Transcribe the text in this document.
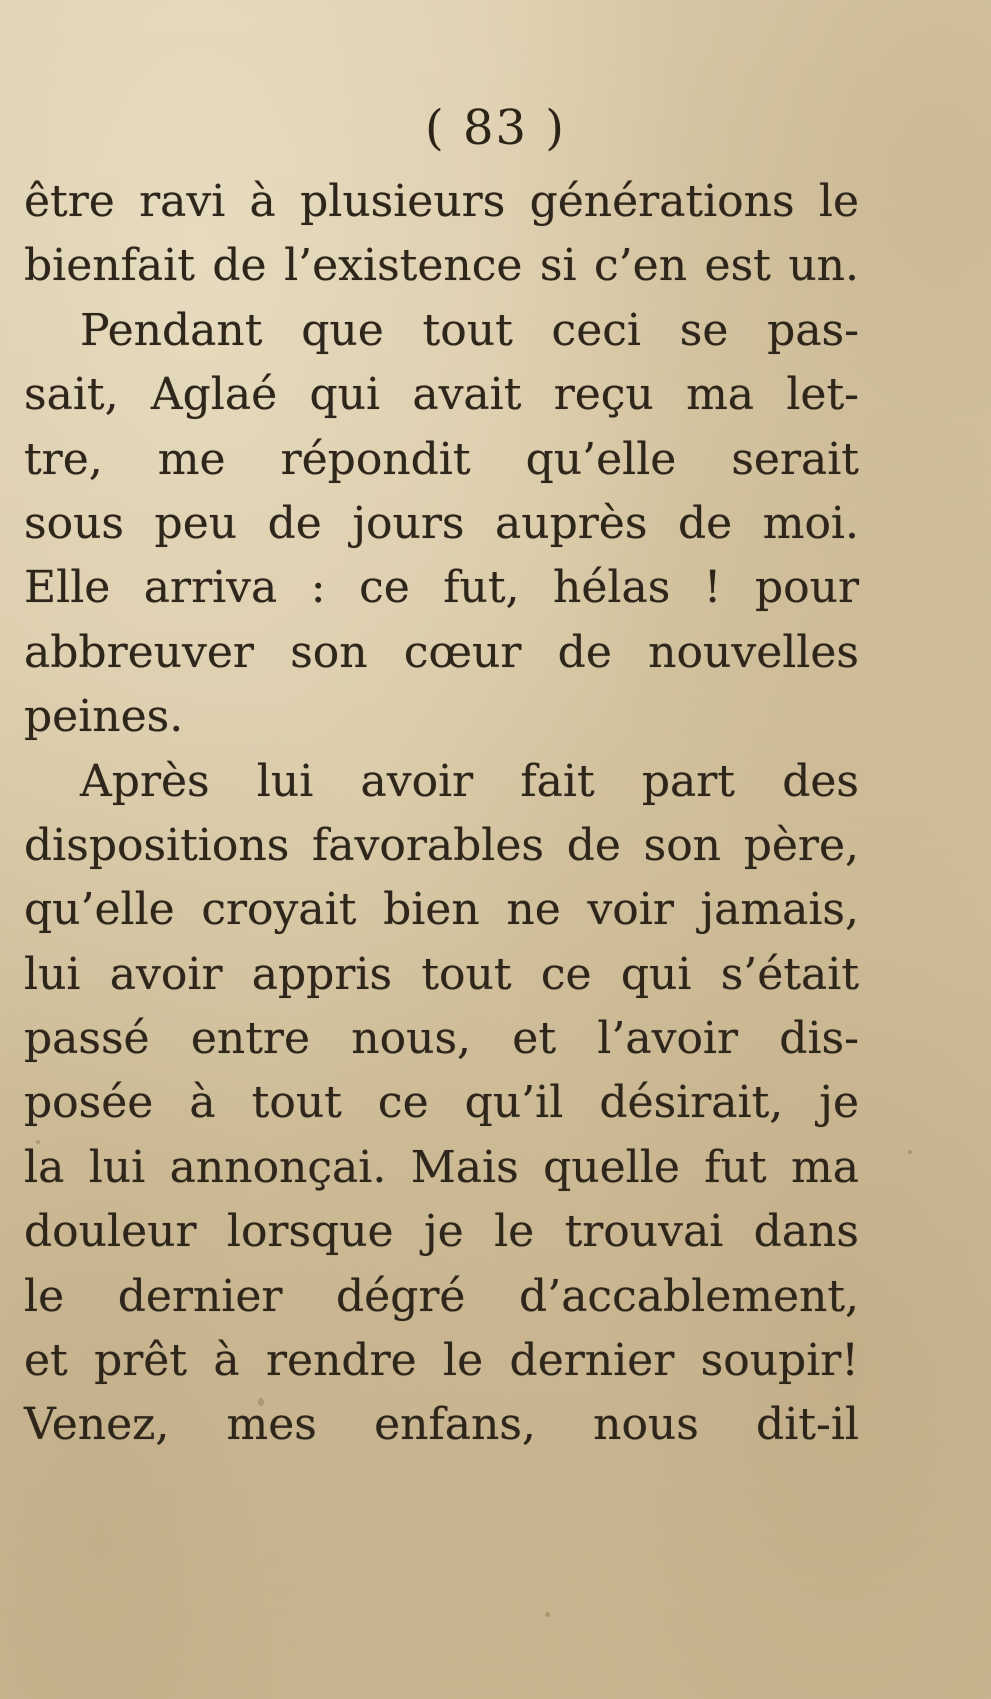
( 83 )
être ravi à plusieurs générations le
bienfait de l’existence si c’en est un.
Pendant que tout ceci se pas-
sait, Aglaé qui avait reçu ma let-
tre, me répondit qu’elle serait
sous peu de jours auprès de moi.
Elle arriva : ce fut, hélas ! pour
abbreuver son cœur de nouvelles
peines.
Après lui avoir fait part des
dispositions favorables de son père,
qu’elle croyait bien ne voir jamais,
lui avoir appris tout ce qui s’était
passé entre nous, et l’avoir dis-
posée à tout ce qu’il désirait, je
la lui annonçai. Mais quelle fut ma
douleur lorsque je le trouvai dans
le dernier dégré d’accablement,
et prêt à rendre le dernier soupir!
Venez, mes enfans, nous dit-il
